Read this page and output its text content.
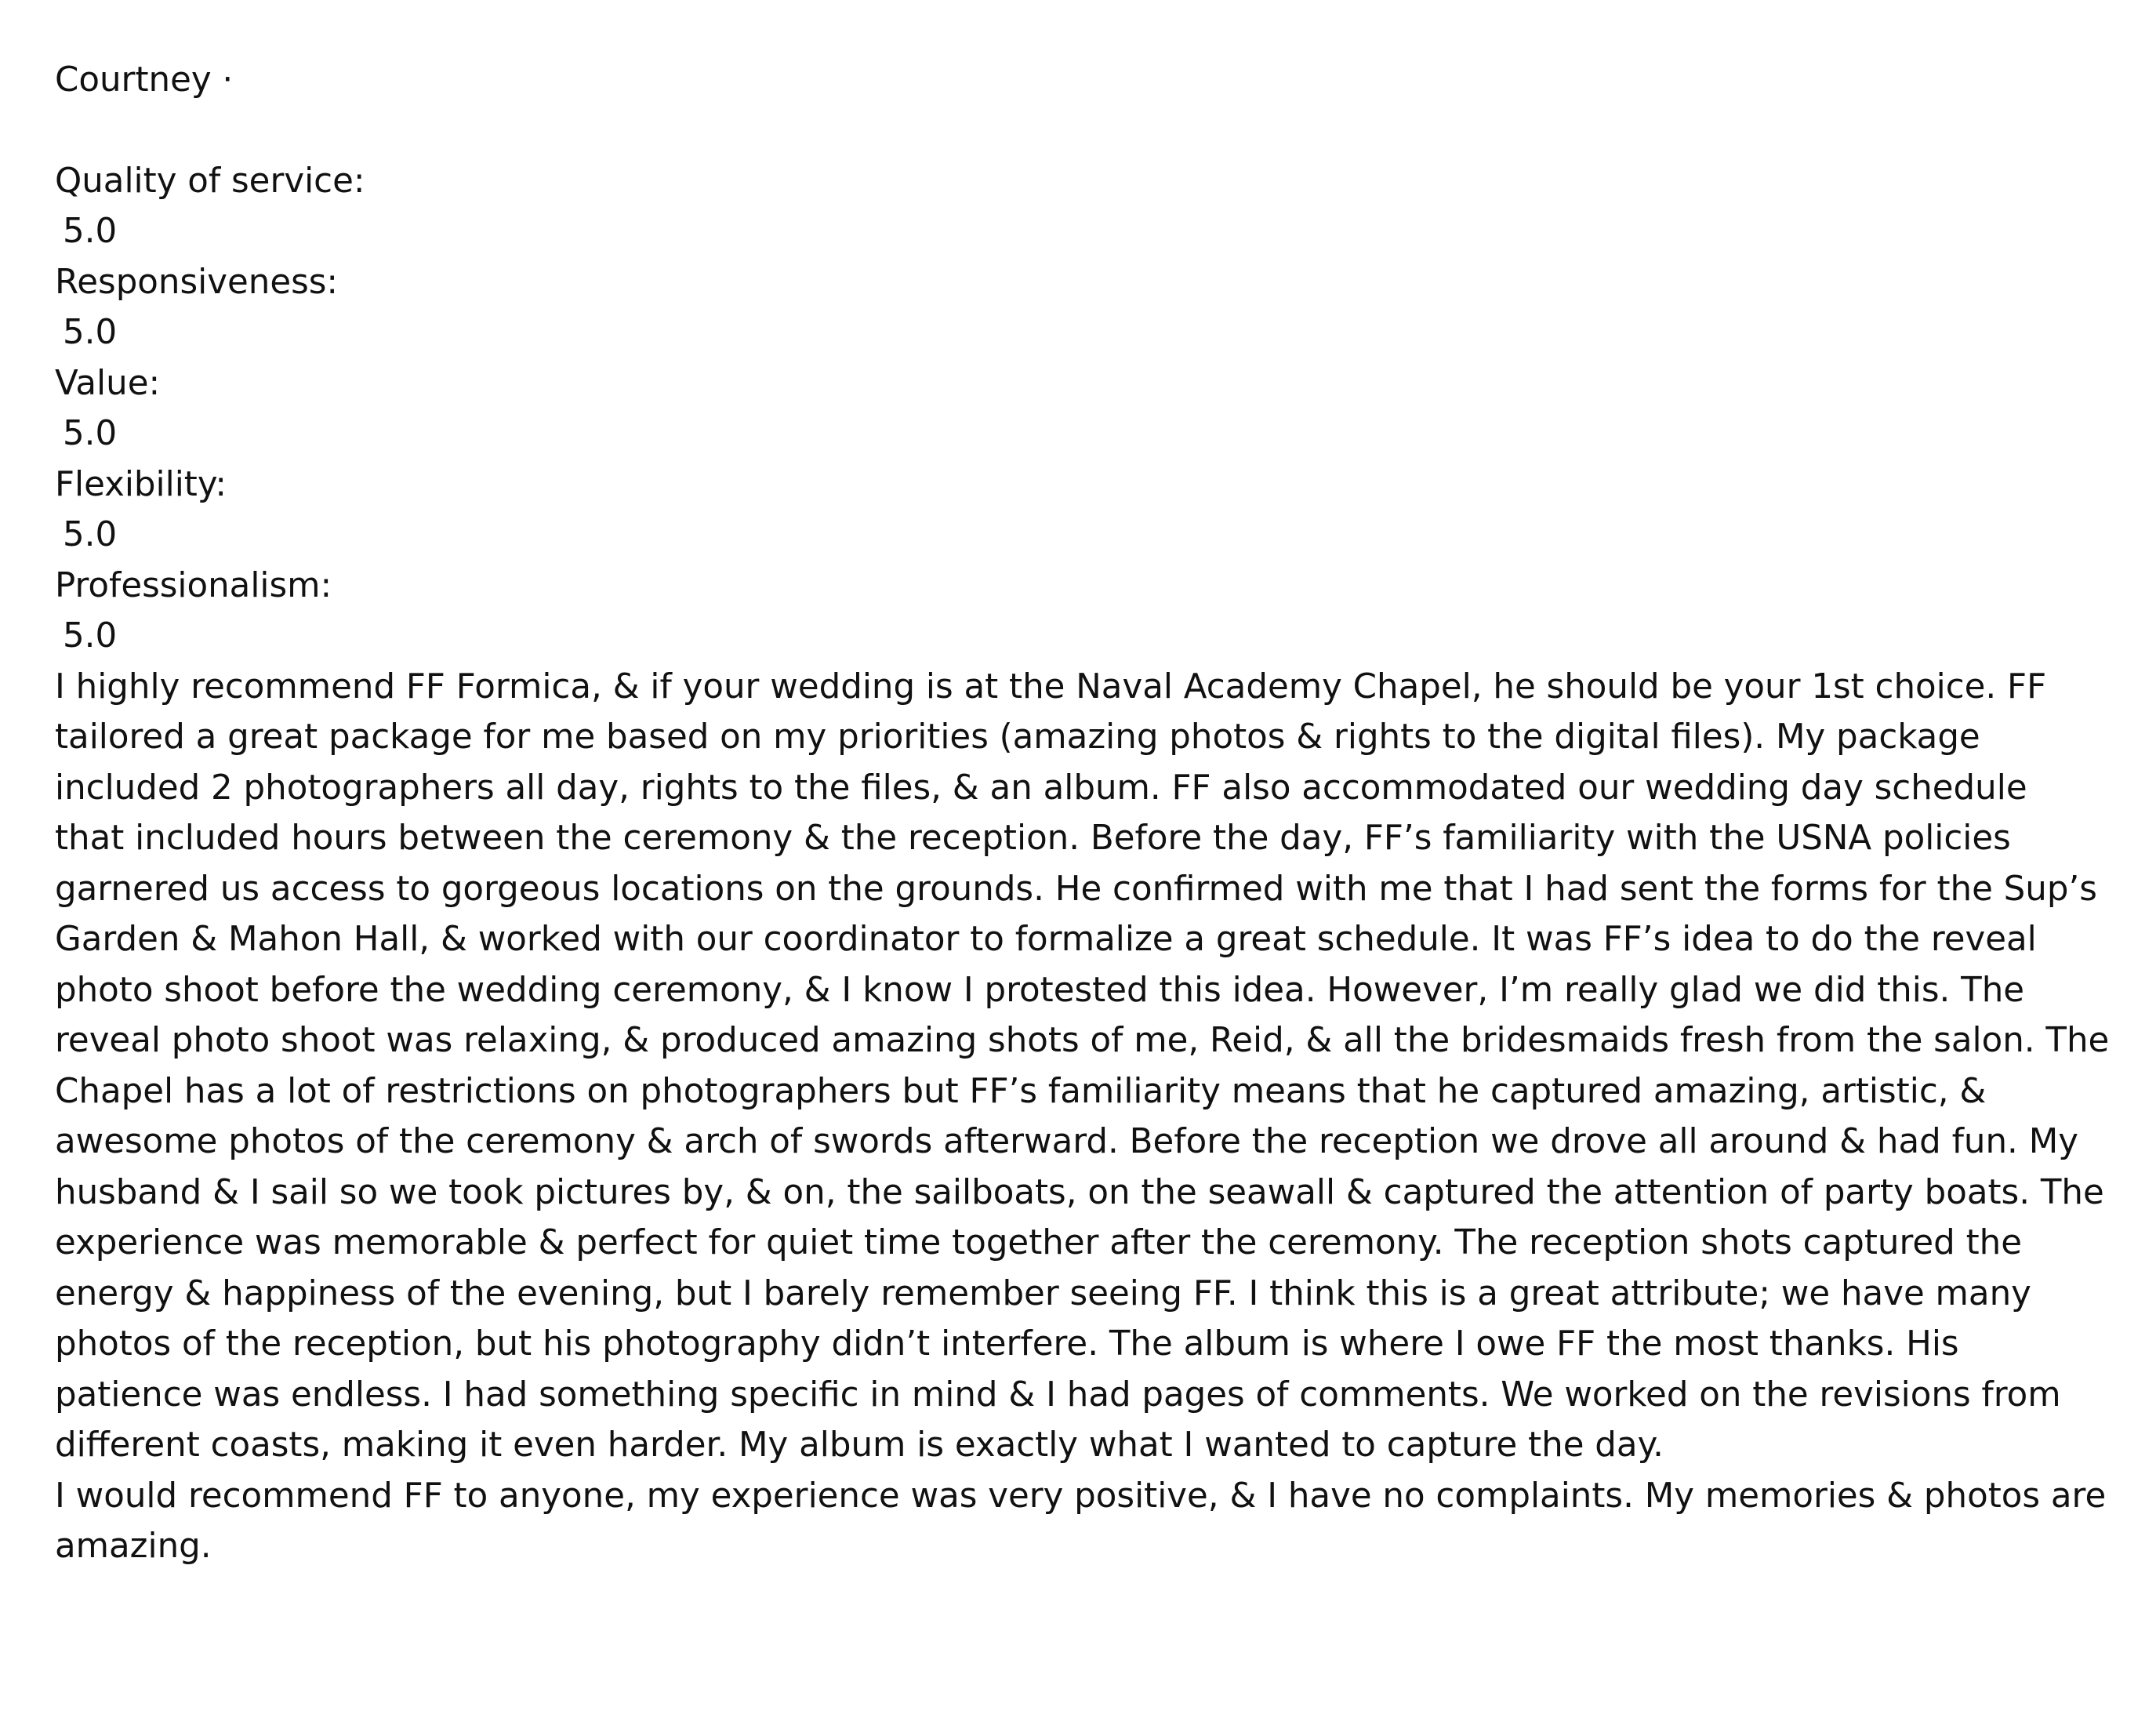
Courtney ·
Quality of service:
5.0
Responsiveness:
5.0
Value:
5.0
Flexibility:
5.0
Professionalism:
5.0
I highly recommend FF Formica, & if your wedding is at the Naval Academy Chapel, he should be your 1st choice. FF
tailored a great package for me based on my priorities (amazing photos & rights to the digital files). My package
included 2 photographers all day, rights to the files, & an album. FF also accommodated our wedding day schedule
that included hours between the ceremony & the reception. Before the day, FF’s familiarity with the USNA policies
garnered us access to gorgeous locations on the grounds. He confirmed with me that I had sent the forms for the Sup’s
Garden & Mahon Hall, & worked with our coordinator to formalize a great schedule. It was FF’s idea to do the reveal
photo shoot before the wedding ceremony, & I know I protested this idea. However, I’m really glad we did this. The
reveal photo shoot was relaxing, & produced amazing shots of me, Reid, & all the bridesmaids fresh from the salon. The
Chapel has a lot of restrictions on photographers but FF’s familiarity means that he captured amazing, artistic, &
awesome photos of the ceremony & arch of swords afterward. Before the reception we drove all around & had fun. My
husband & I sail so we took pictures by, & on, the sailboats, on the seawall & captured the attention of party boats. The
experience was memorable & perfect for quiet time together after the ceremony. The reception shots captured the
energy & happiness of the evening, but I barely remember seeing FF. I think this is a great attribute; we have many
photos of the reception, but his photography didn’t interfere. The album is where I owe FF the most thanks. His
patience was endless. I had something specific in mind & I had pages of comments. We worked on the revisions from
different coasts, making it even harder. My album is exactly what I wanted to capture the day.
I would recommend FF to anyone, my experience was very positive, & I have no complaints. My memories & photos are
amazing.
